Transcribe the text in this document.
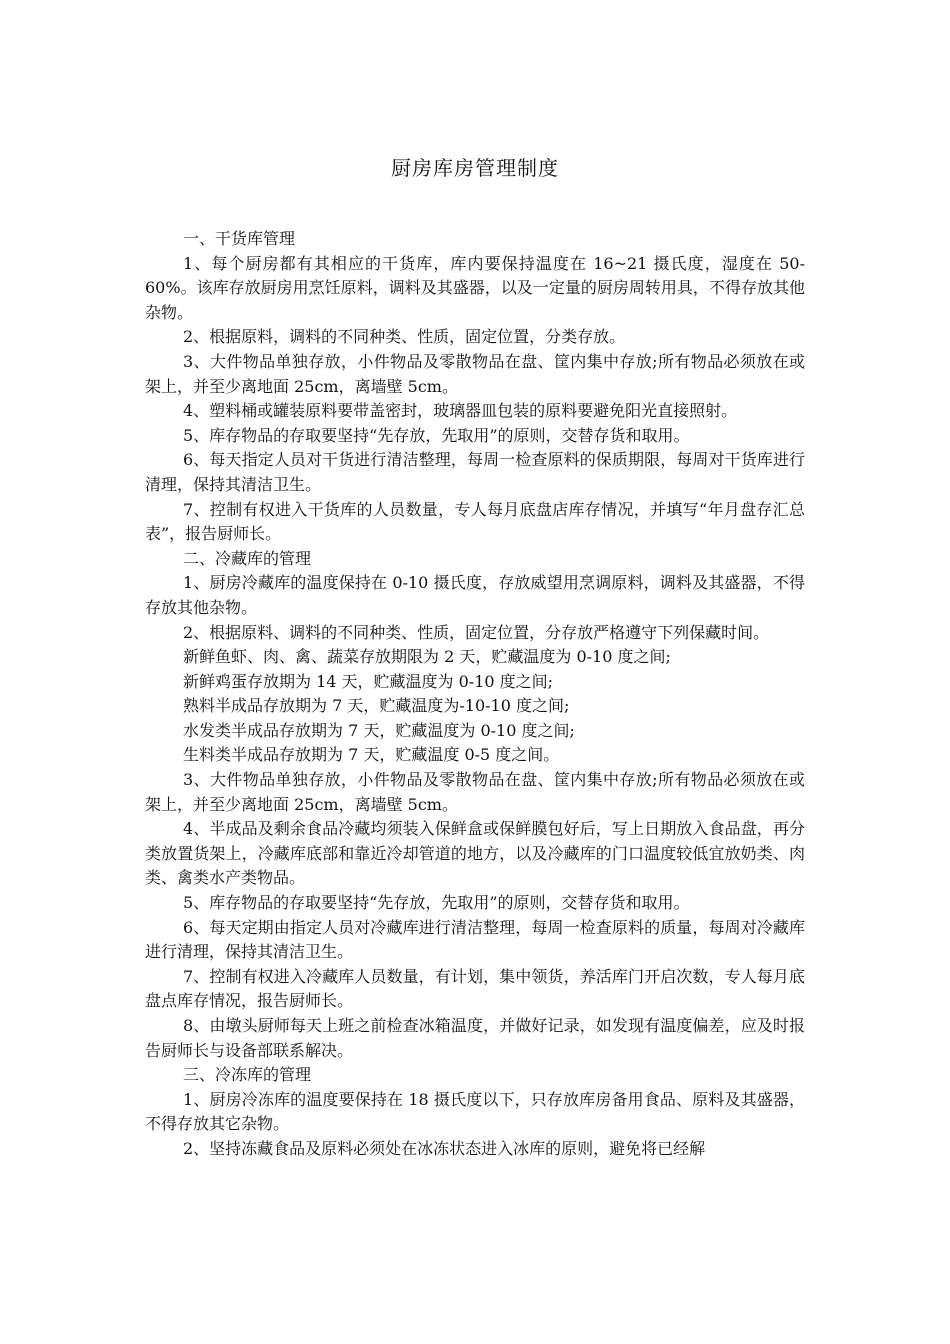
厨房库房管理制度

一、干货库管理

1、每个厨房都有其相应的干货库，库内要保持温度在 16~21 摄氏度，湿度在 50-60%。该库存放厨房用烹饪原料，调料及其盛器，以及一定量的厨房周转用具，不得存放其他杂物。

2、根据原料，调料的不同种类、性质，固定位置，分类存放。

3、大件物品单独存放，小件物品及零散物品在盘、筐内集中存放;所有物品必须放在或架上，并至少离地面 25cm，离墙壁 5cm。

4、塑料桶或罐装原料要带盖密封，玻璃器皿包装的原料要避免阳光直接照射。

5、库存物品的存取要坚持“先存放，先取用”的原则，交替存货和取用。

6、每天指定人员对干货进行清洁整理，每周一检查原料的保质期限，每周对干货库进行清理，保持其清洁卫生。

7、控制有权进入干货库的人员数量，专人每月底盘店库存情况，并填写“年月盘存汇总表”，报告厨师长。

二、冷藏库的管理

1、厨房冷藏库的温度保持在 0-10 摄氏度，存放威望用烹调原料，调料及其盛器，不得存放其他杂物。

2、根据原料、调料的不同种类、性质，固定位置，分存放严格遵守下列保藏时间。

新鲜鱼虾、肉、禽、蔬菜存放期限为 2 天，贮藏温度为 0-10 度之间;

新鲜鸡蛋存放期为 14 天，贮藏温度为 0-10 度之间;

熟料半成品存放期为 7 天，贮藏温度为-10-10 度之间;

水发类半成品存放期为 7 天，贮藏温度为 0-10 度之间;

生料类半成品存放期为 7 天，贮藏温度 0-5 度之间。

3、大件物品单独存放，小件物品及零散物品在盘、筐内集中存放;所有物品必须放在或架上，并至少离地面 25cm，离墙壁 5cm。

4、半成品及剩余食品冷藏均须装入保鲜盒或保鲜膜包好后，写上日期放入食品盘，再分类放置货架上，冷藏库底部和靠近冷却管道的地方，以及冷藏库的门口温度较低宜放奶类、肉类、禽类水产类物品。

5、库存物品的存取要坚持“先存放，先取用”的原则，交替存货和取用。

6、每天定期由指定人员对冷藏库进行清洁整理，每周一检查原料的质量，每周对冷藏库进行清理，保持其清洁卫生。

7、控制有权进入冷藏库人员数量，有计划，集中领货，养活库门开启次数，专人每月底盘点库存情况，报告厨师长。

8、由墩头厨师每天上班之前检查冰箱温度，并做好记录，如发现有温度偏差，应及时报告厨师长与设备部联系解决。

三、冷冻库的管理

1、厨房冷冻库的温度要保持在 18 摄氏度以下，只存放库房备用食品、原料及其盛器，不得存放其它杂物。

2、坚持冻藏食品及原料必须处在冰冻状态进入冰库的原则，避免将已经解
